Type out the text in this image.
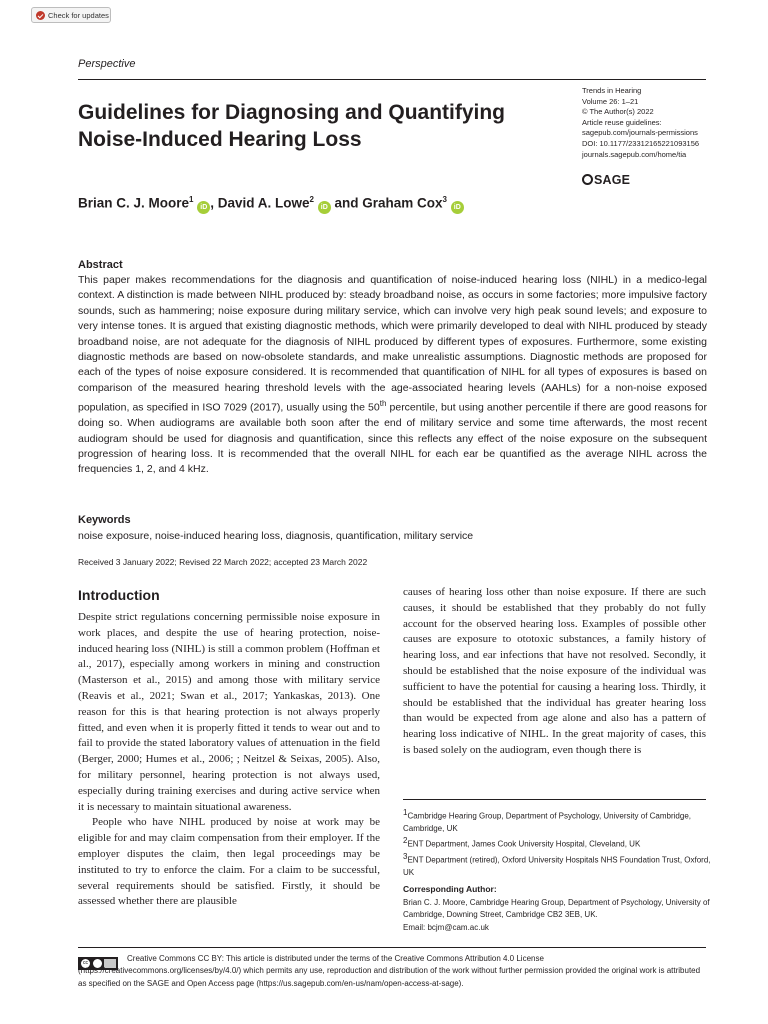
Check for updates
Perspective
Guidelines for Diagnosing and Quantifying Noise-Induced Hearing Loss
Trends in Hearing
Volume 26: 1–21
© The Author(s) 2022
Article reuse guidelines:
sagepub.com/journals-permissions
DOI: 10.1177/23312165221093156
journals.sagepub.com/home/tia
SAGE
Brian C. J. Moore$^1$ iD , David A. Lowe$^2$ iD and Graham Cox$^3$ iD
Abstract
This paper makes recommendations for the diagnosis and quantification of noise-induced hearing loss (NIHL) in a medico-legal context. A distinction is made between NIHL produced by: steady broadband noise, as occurs in some factories; more impulsive factory sounds, such as hammering; noise exposure during military service, which can involve very high peak sound levels; and exposure to very intense tones. It is argued that existing diagnostic methods, which were primarily developed to deal with NIHL produced by steady broadband noise, are not adequate for the diagnosis of NIHL produced by different types of exposures. Furthermore, some existing diagnostic methods are based on now-obsolete standards, and make unrealistic assumptions. Diagnostic methods are proposed for each of the types of noise exposure considered. It is recommended that quantification of NIHL for all types of exposures is based on comparison of the measured hearing threshold levels with the age-associated hearing levels (AAHLs) for a non-noise exposed population, as specified in ISO 7029 (2017), usually using the 50th percentile, but using another percentile if there are good reasons for doing so. When audiograms are available both soon after the end of military service and some time afterwards, the most recent audiogram should be used for diagnosis and quantification, since this reflects any effect of the noise exposure on the subsequent progression of hearing loss. It is recommended that the overall NIHL for each ear be quantified as the average NIHL across the frequencies 1, 2, and 4 kHz.
Keywords
noise exposure, noise-induced hearing loss, diagnosis, quantification, military service
Received 3 January 2022; Revised 22 March 2022; accepted 23 March 2022
Introduction

Despite strict regulations concerning permissible noise exposure in work places, and despite the use of hearing protection, noise-induced hearing loss (NIHL) is still a common problem (Hoffman et al., 2017), especially among workers in mining and construction (Masterson et al., 2015) and among those with military service (Reavis et al., 2021; Swan et al., 2017; Yankaskas, 2013). One reason for this is that hearing protection is not always properly fitted, and even when it is properly fitted it tends to wear out and to fail to provide the stated laboratory values of attenuation in the field (Berger, 2000; Humes et al., 2006; ; Neitzel & Seixas, 2005). Also, for military personnel, hearing protection is not always used, especially during training exercises and during active service when it is necessary to maintain situational awareness.

People who have NIHL produced by noise at work may be eligible for and may claim compensation from their employer. If the employer disputes the claim, then legal proceedings may be instituted to try to enforce the claim. For a claim to be successful, several requirements should be satisfied. Firstly, it should be assessed whether there are plausible

causes of hearing loss other than noise exposure. If there are such causes, it should be established that they probably do not fully account for the observed hearing loss. Examples of possible other causes are exposure to ototoxic substances, a family history of hearing loss, and ear infections that have not resolved. Secondly, it should be established that the noise exposure of the individual was sufficient to have the potential for causing a hearing loss. Thirdly, it should be established that the individual has greater hearing loss than would be expected from age alone and also has a pattern of hearing loss indicative of NIHL. In the great majority of cases, this is based solely on the audiogram, even though there is

$^1$Cambridge Hearing Group, Department of Psychology, University of Cambridge, Cambridge, UK
$^2$ENT Department, James Cook University Hospital, Cleveland, UK
$^3$ENT Department (retired), Oxford University Hospitals NHS Foundation Trust, Oxford, UK
Corresponding Author:
Brian C. J. Moore, Cambridge Hearing Group, Department of Psychology, University of Cambridge, Downing Street, Cambridge CB2 3EB, UK.
Email: bcjm@cam.ac.uk
cc	Creative Commons CC BY: This article is distributed under the terms of the Creative Commons Attribution 4.0 License (https://creativecommons.org/licenses/by/4.0/) which permits any use, reproduction and distribution of the work without further permission provided the original work is attributed as specified on the SAGE and Open Access page (https://us.sagepub.com/en-us/nam/open-access-at-sage).
